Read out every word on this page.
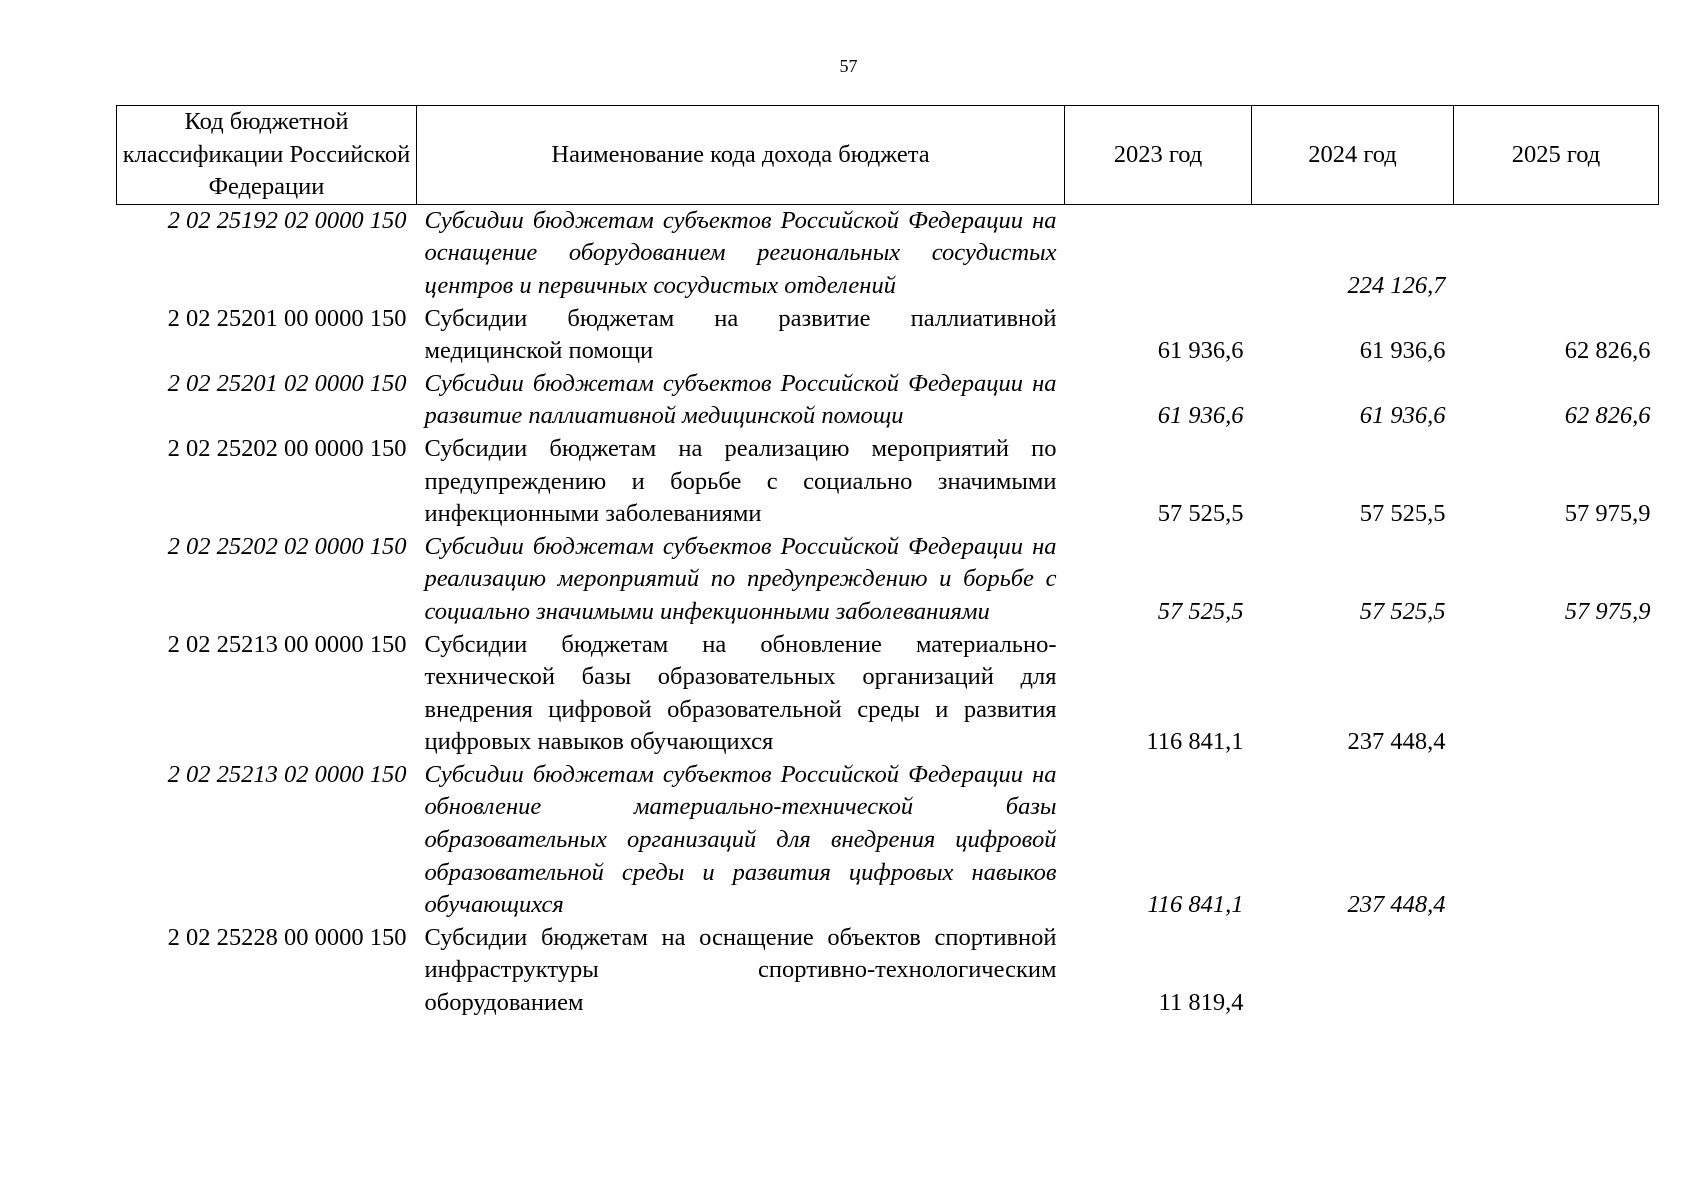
57
Код бюджетной классификации Российской Федерации	Наименование кода дохода бюджета	2023 год	2024 год	2025 год
2 02 25192 02 0000 150	Субсидии бюджетам субъектов Российской Федерации на оснащение оборудованием региональных сосудистых центров и первичных сосудистых отделений		224 126,7	
2 02 25201 00 0000 150	Субсидии бюджетам на развитие паллиативной медицинской помощи	61 936,6	61 936,6	62 826,6
2 02 25201 02 0000 150	Субсидии бюджетам субъектов Российской Федерации на развитие паллиативной медицинской помощи	61 936,6	61 936,6	62 826,6
2 02 25202 00 0000 150	Субсидии бюджетам на реализацию мероприятий по предупреждению и борьбе с социально значимыми инфекционными заболеваниями	57 525,5	57 525,5	57 975,9
2 02 25202 02 0000 150	Субсидии бюджетам субъектов Российской Федерации на реализацию мероприятий по предупреждению и борьбе с социально значимыми инфекционными заболеваниями	57 525,5	57 525,5	57 975,9
2 02 25213 00 0000 150	Субсидии бюджетам на обновление материально-технической базы образовательных организаций для внедрения цифровой образовательной среды и развития цифровых навыков обучающихся	116 841,1	237 448,4	
2 02 25213 02 0000 150	Субсидии бюджетам субъектов Российской Федерации на обновление материально-технической базы образовательных организаций для внедрения цифровой образовательной среды и развития цифровых навыков обучающихся	116 841,1	237 448,4	
2 02 25228 00 0000 150	Субсидии бюджетам на оснащение объектов спортивной инфраструктуры спортивно-технологическим оборудованием	11 819,4		
